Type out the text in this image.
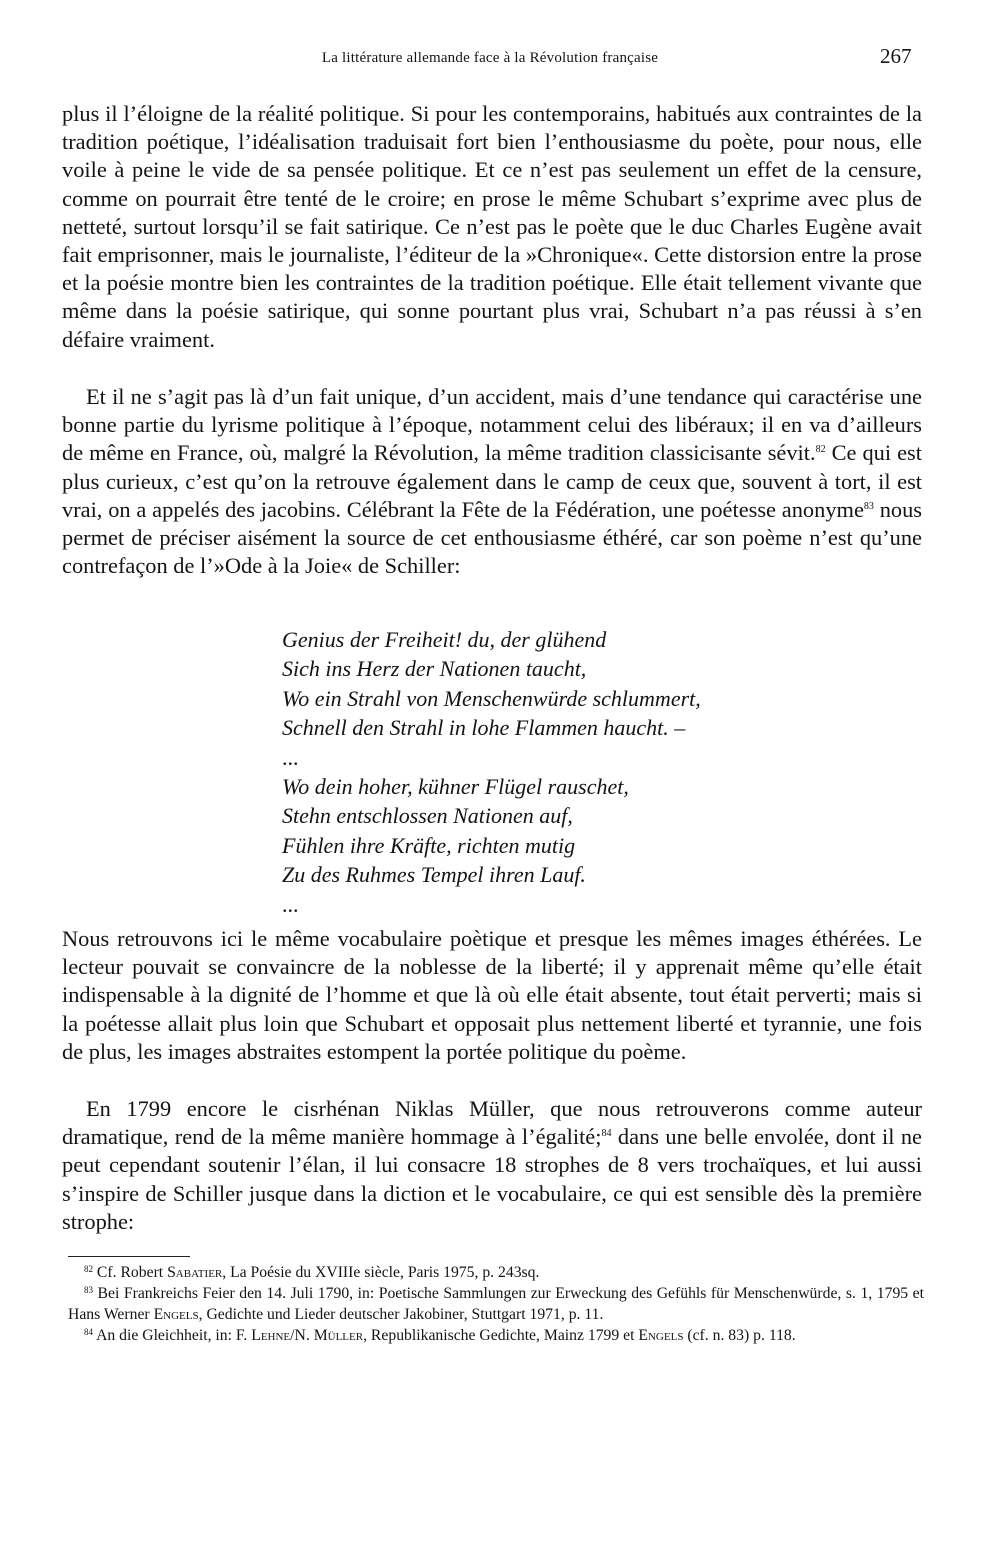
La littérature allemande face à la Révolution française	267

plus il l’éloigne de la réalité politique. Si pour les contemporains, habitués aux contraintes de la tradition poétique, l’idéalisation traduisait fort bien l’enthousiasme du poète, pour nous, elle voile à peine le vide de sa pensée politique. Et ce n’est pas seulement un effet de la censure, comme on pourrait être tenté de le croire; en prose le même Schubart s’exprime avec plus de netteté, surtout lorsqu’il se fait satirique. Ce n’est pas le poète que le duc Charles Eugène avait fait emprisonner, mais le journaliste, l’éditeur de la »Chronique«. Cette distorsion entre la prose et la poésie montre bien les contraintes de la tradition poétique. Elle était tellement vivante que même dans la poésie satirique, qui sonne pourtant plus vrai, Schubart n’a pas réussi à s’en défaire vraiment.

Et il ne s’agit pas là d’un fait unique, d’un accident, mais d’une tendance qui caractérise une bonne partie du lyrisme politique à l’époque, notamment celui des libéraux; il en va d’ailleurs de même en France, où, malgré la Révolution, la même tradition classicisante sévit.$^{82}$ Ce qui est plus curieux, c’est qu’on la retrouve également dans le camp de ceux que, souvent à tort, il est vrai, on a appelés des jacobins. Célébrant la Fête de la Fédération, une poétesse anonyme$^{83}$ nous permet de préciser aisément la source de cet enthousiasme éthéré, car son poème n’est qu’une contrefaçon de l’»Ode à la Joie« de Schiller:

Genius der Freiheit! du, der glühend
Sich ins Herz der Nationen taucht,
Wo ein Strahl von Menschenwürde schlummert,
Schnell den Strahl in lohe Flammen haucht. –
...
Wo dein hoher, kühner Flügel rauschet,
Stehn entschlossen Nationen auf,
Fühlen ihre Kräfte, richten mutig
Zu des Ruhmes Tempel ihren Lauf.
...

Nous retrouvons ici le même vocabulaire poètique et presque les mêmes images éthérées. Le lecteur pouvait se convaincre de la noblesse de la liberté; il y apprenait même qu’elle était indispensable à la dignité de l’homme et que là où elle était absente, tout était perverti; mais si la poétesse allait plus loin que Schubart et opposait plus nettement liberté et tyrannie, une fois de plus, les images abstraites estompent la portée politique du poème.

En 1799 encore le cisrhénan Niklas Müller, que nous retrouverons comme auteur dramatique, rend de la même manière hommage à l’égalité;$^{84}$ dans une belle envolée, dont il ne peut cependant soutenir l’élan, il lui consacre 18 strophes de 8 vers trochaïques, et lui aussi s’inspire de Schiller jusque dans la diction et le vocabulaire, ce qui est sensible dès la première strophe:

$^{82}$ Cf. Robert Sabatier, La Poésie du XVIIIe siècle, Paris 1975, p. 243sq.

$^{83}$ Bei Frankreichs Feier den 14. Juli 1790, in: Poetische Sammlungen zur Erweckung des Gefühls für Menschenwürde, s. 1, 1795 et Hans Werner Engels, Gedichte und Lieder deutscher Jakobiner, Stuttgart 1971, p. 11.

$^{84}$ An die Gleichheit, in: F. Lehne/N. Müller, Republikanische Gedichte, Mainz 1799 et Engels (cf. n. 83) p. 118.
